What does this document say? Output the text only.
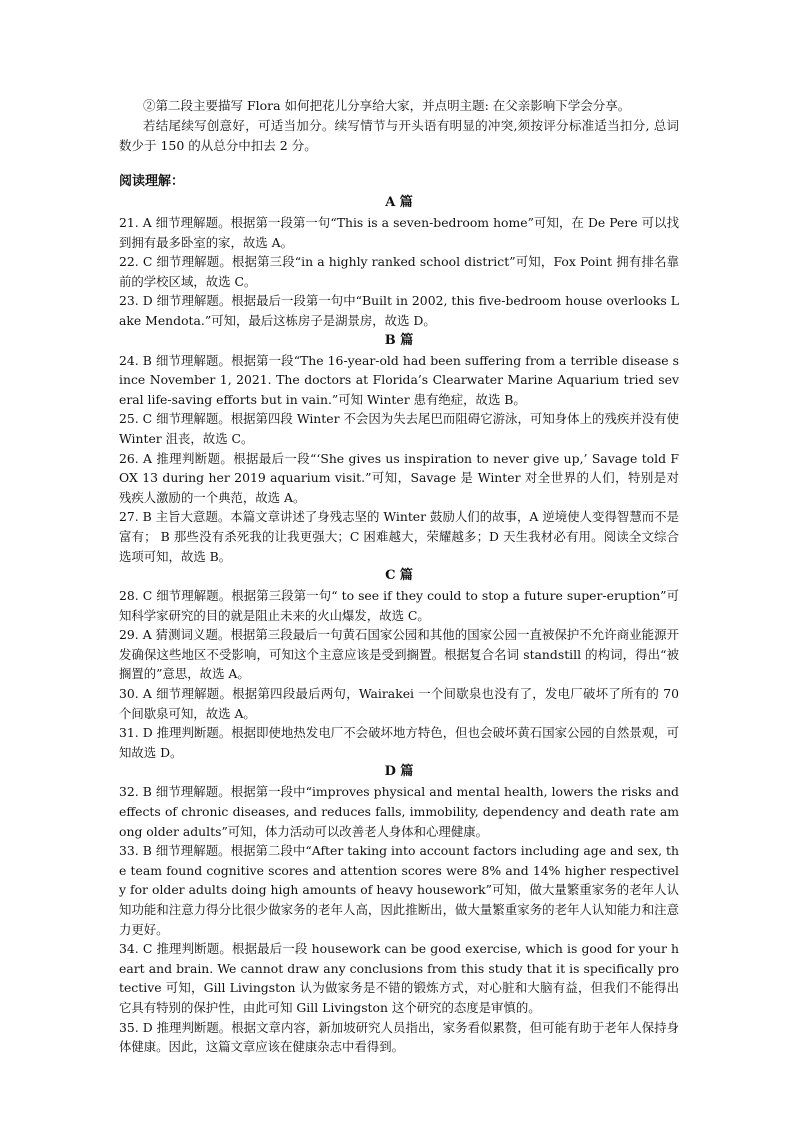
②第二段主要描写 Flora 如何把花儿分享给大家，并点明主题: 在父亲影响下学会分享。

若结尾续写创意好，可适当加分。续写情节与开头语有明显的冲突,须按评分标准适当扣分, 总词数少于 150 的从总分中扣去 2 分。

阅读理解：

A 篇

21. A 细节理解题。根据第一段第一句“This is a seven-bedroom home”可知，在 De Pere 可以找到拥有最多卧室的家，故选 A。

22. C 细节理解题。根据第三段“in a highly ranked school district”可知，Fox Point 拥有排名靠前的学校区域，故选 C。

23. D 细节理解题。根据最后一段第一句中“Built in 2002, this five-bedroom house overlooks Lake Mendota.”可知，最后这栋房子是湖景房，故选 D。

B 篇

24. B 细节理解题。根据第一段“The 16-year-old had been suffering from a terrible disease since November 1, 2021. The doctors at Florida’s Clearwater Marine Aquarium tried several life-saving efforts but in vain.”可知 Winter 患有绝症，故选 B。

25. C 细节理解题。根据第四段 Winter 不会因为失去尾巴而阻碍它游泳，可知身体上的残疾并没有使 Winter 沮丧，故选 C。

26. A 推理判断题。根据最后一段“‘She gives us inspiration to never give up,’ Savage told FOX 13 during her 2019 aquarium visit.”可知，Savage 是 Winter 对全世界的人们，特别是对残疾人激励的一个典范，故选 A。

27. B 主旨大意题。本篇文章讲述了身残志坚的 Winter 鼓励人们的故事，A 逆境使人变得智慧而不是富有； B 那些没有杀死我的让我更强大；C 困难越大，荣耀越多；D 天生我材必有用。阅读全文综合选项可知，故选 B。

C 篇

28. C 细节理解题。根据第三段第一句“ to see if they could to stop a future super-eruption”可知科学家研究的目的就是阻止未来的火山爆发，故选 C。

29. A 猜测词义题。根据第三段最后一句黄石国家公园和其他的国家公园一直被保护不允许商业能源开发确保这些地区不受影响，可知这个主意应该是受到搁置。根据复合名词 standstill 的构词，得出“被搁置的”意思，故选 A。

30. A 细节理解题。根据第四段最后两句，Wairakei 一个间歇泉也没有了，发电厂破坏了所有的 70 个间歇泉可知，故选 A。

31. D 推理判断题。根据即使地热发电厂不会破坏地方特色，但也会破坏黄石国家公园的自然景观，可知故选 D。

D 篇

32. B 细节理解题。根据第一段中“improves physical and mental health, lowers the risks and effects of chronic diseases, and reduces falls, immobility, dependency and death rate among older adults”可知，体力活动可以改善老人身体和心理健康。

33. B 细节理解题。根据第二段中“After taking into account factors including age and sex, the team found cognitive scores and attention scores were 8% and 14% higher respectively for older adults doing high amounts of heavy housework”可知，做大量繁重家务的老年人认知功能和注意力得分比很少做家务的老年人高，因此推断出，做大量繁重家务的老年人认知能力和注意力更好。

34. C 推理判断题。根据最后一段 housework can be good exercise, which is good for your heart and brain. We cannot draw any conclusions from this study that it is specifically protective 可知，Gill Livingston 认为做家务是不错的锻炼方式，对心脏和大脑有益，但我们不能得出它具有特别的保护性，由此可知 Gill Livingston 这个研究的态度是审慎的。

35. D 推理判断题。根据文章内容，新加坡研究人员指出，家务看似累赘，但可能有助于老年人保持身体健康。因此，这篇文章应该在健康杂志中看得到。
